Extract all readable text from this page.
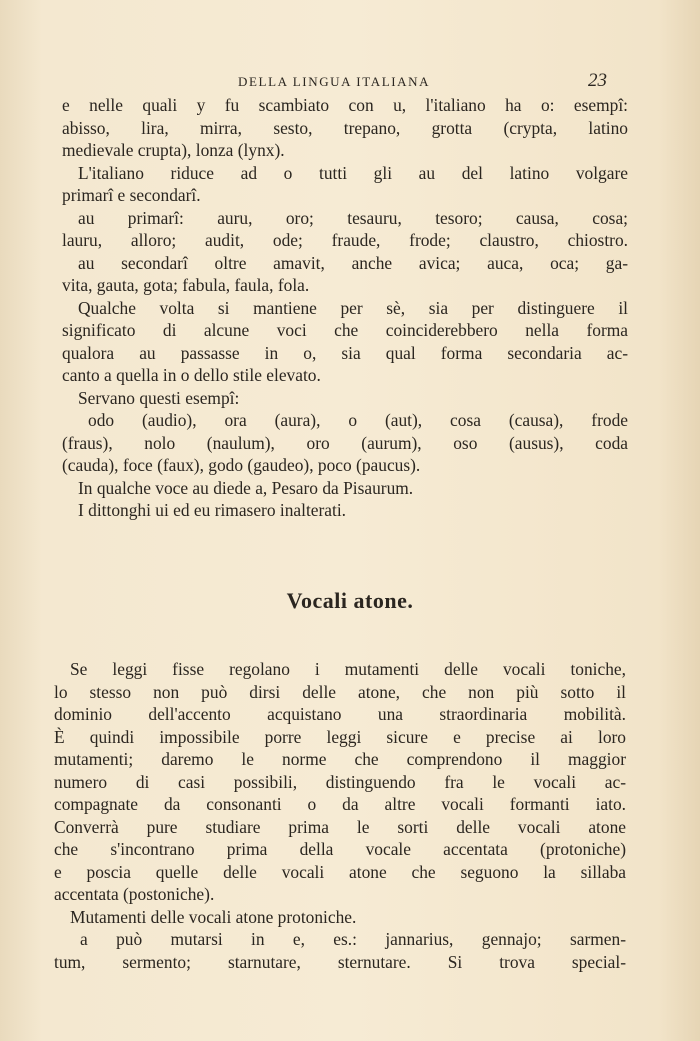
DELLA LINGUA ITALIANA	23
e nelle quali y fu scambiato con u, l'italiano ha o: esempî:
abisso, lira, mirra, sesto, trepano, grotta (crypta, latino
medievale crupta), lonza (lynx).
L'italiano riduce ad o tutti gli au del latino volgare
primarî e secondarî.
au primarî: auru, oro; tesauru, tesoro; causa, cosa;
lauru, alloro; audit, ode; fraude, frode; claustro, chiostro.
au secondarî oltre amavit, anche avica; auca, oca; ga-
vita, gauta, gota; fabula, faula, fola.
Qualche volta si mantiene per sè, sia per distinguere il
significato di alcune voci che coinciderebbero nella forma
qualora au passasse in o, sia qual forma secondaria ac-
canto a quella in o dello stile elevato.
Servano questi esempî:
odo (audio), ora (aura), o (aut), cosa (causa), frode
(fraus), nolo (naulum), oro (aurum), oso (ausus), coda
(cauda), foce (faux), godo (gaudeo), poco (paucus).
In qualche voce au diede a, Pesaro da Pisaurum.
I dittonghi ui ed eu rimasero inalterati.
Vocali atone.
Se leggi fisse regolano i mutamenti delle vocali toniche,
lo stesso non può dirsi delle atone, che non più sotto il
dominio dell'accento acquistano una straordinaria mobilità.
È quindi impossibile porre leggi sicure e precise ai loro
mutamenti; daremo le norme che comprendono il maggior
numero di casi possibili, distinguendo fra le vocali ac-
compagnate da consonanti o da altre vocali formanti iato.
Converrà pure studiare prima le sorti delle vocali atone
che s'incontrano prima della vocale accentata (protoniche)
e poscia quelle delle vocali atone che seguono la sillaba
accentata (postoniche).
Mutamenti delle vocali atone protoniche.
a può mutarsi in e, es.: jannarius, gennajo; sarmen-
tum, sermento; starnutare, sternutare. Si trova special-
